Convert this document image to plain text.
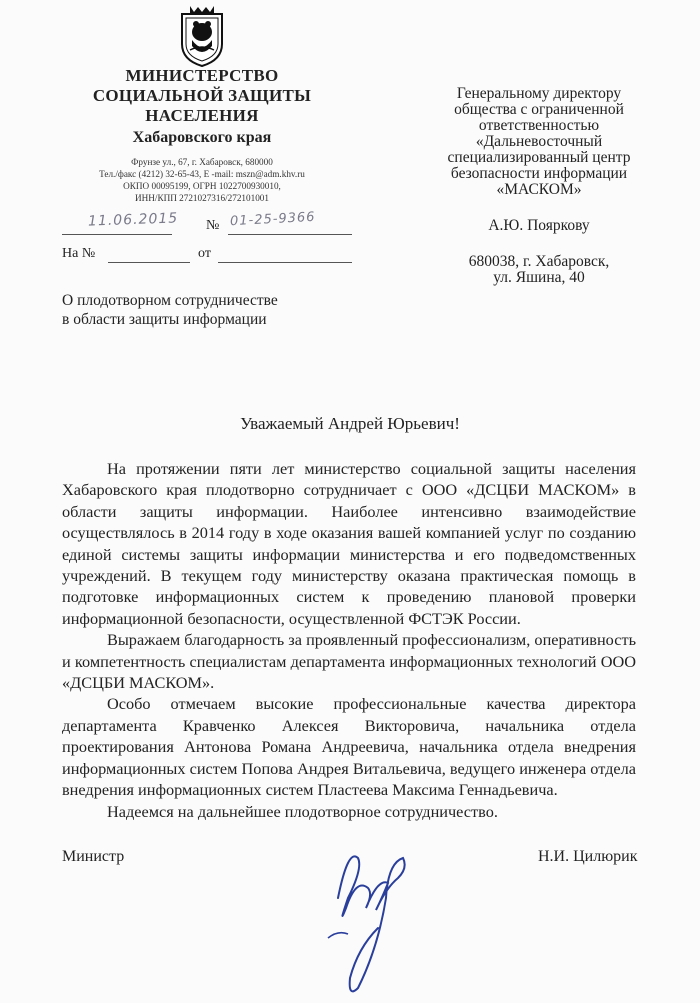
МИНИСТЕРСТВО
СОЦИАЛЬНОЙ ЗАЩИТЫ
НАСЕЛЕНИЯ
Хабаровского края
Фрунзе ул., 67, г. Хабаровск, 680000
Тел./факс (4212) 32-65-43, E -mail: mszn@adm.khv.ru
ОКПО 00095199, ОГРН 1022700930010,
ИНН/КПП 2721027316/272101001
11.06.2015 № 01-25-9366
На №	от
О плодотворном сотрудничестве
в области защиты информации
Генеральному директору
общества с ограниченной
ответственностью
«Дальневосточный
специализированный центр
безопасности информации
«МАСКОМ»
А.Ю. Пояркову
680038, г. Хабаровск,
ул. Яшина, 40
Уважаемый Андрей Юрьевич!

На протяжении пяти лет министерство социальной защиты населения Хабаровского края плодотворно сотрудничает с ООО «ДСЦБИ МАСКОМ» в области защиты информации. Наиболее интенсивно взаимодействие осуществлялось в 2014 году в ходе оказания вашей компанией услуг по созданию единой системы защиты информации министерства и его подведомственных учреждений. В текущем году министерству оказана практическая помощь в подготовке информационных систем к проведению плановой проверки информационной безопасности, осуществленной ФСТЭК России.

Выражаем благодарность за проявленный профессионализм, оперативность и компетентность специалистам департамента информационных технологий ООО «ДСЦБИ МАСКОМ».

Особо отмечаем высокие профессиональные качества директора департамента Кравченко Алексея Викторовича, начальника отдела проектирования Антонова Романа Андреевича, начальника отдела внедрения информационных систем Попова Андрея Витальевича, ведущего инженера отдела внедрения информационных систем Пластеева Максима Геннадьевича.

Надеемся на дальнейшее плодотворное сотрудничество.

Министр	Н.И. Цилюрик
